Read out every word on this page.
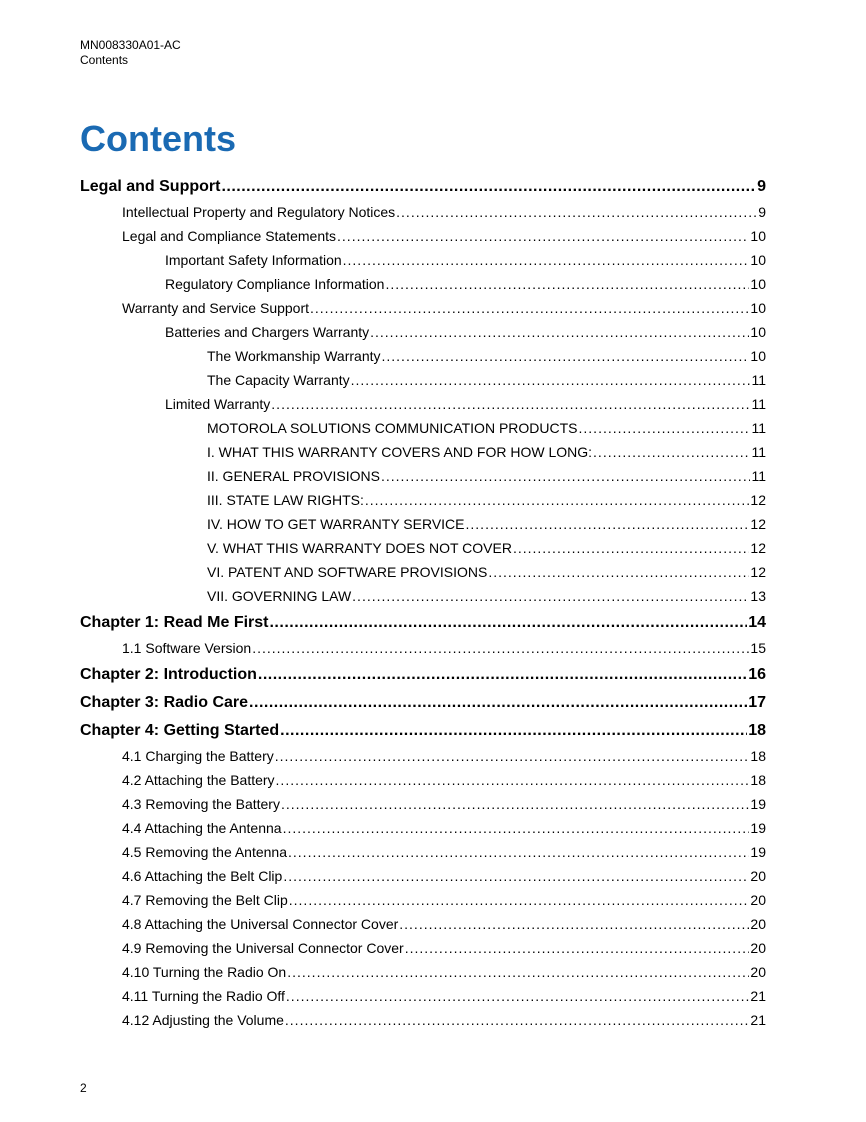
MN008330A01-AC
Contents
Contents
Legal and Support .....	9
Intellectual Property and Regulatory Notices .....	9
Legal and Compliance Statements .....	10
Important Safety Information .....	10
Regulatory Compliance Information .....	10
Warranty and Service Support .....	10
Batteries and Chargers Warranty .....	10
The Workmanship Warranty .....	10
The Capacity Warranty .....	11
Limited Warranty .....	11
MOTOROLA SOLUTIONS COMMUNICATION PRODUCTS .....	11
I. WHAT THIS WARRANTY COVERS AND FOR HOW LONG: .....	11
II. GENERAL PROVISIONS .....	11
III. STATE LAW RIGHTS: .....	12
IV. HOW TO GET WARRANTY SERVICE .....	12
V. WHAT THIS WARRANTY DOES NOT COVER .....	12
VI. PATENT AND SOFTWARE PROVISIONS .....	12
VII. GOVERNING LAW .....	13
Chapter 1: Read Me First .....	14
1.1 Software Version .....	15
Chapter 2: Introduction .....	16
Chapter 3: Radio Care .....	17
Chapter 4: Getting Started .....	18
4.1 Charging the Battery .....	18
4.2 Attaching the Battery .....	18
4.3 Removing the Battery .....	19
4.4 Attaching the Antenna .....	19
4.5 Removing the Antenna .....	19
4.6 Attaching the Belt Clip .....	20
4.7 Removing the Belt Clip .....	20
4.8 Attaching the Universal Connector Cover .....	20
4.9 Removing the Universal Connector Cover .....	20
4.10 Turning the Radio On .....	20
4.11 Turning the Radio Off .....	21
4.12 Adjusting the Volume .....	21
2
